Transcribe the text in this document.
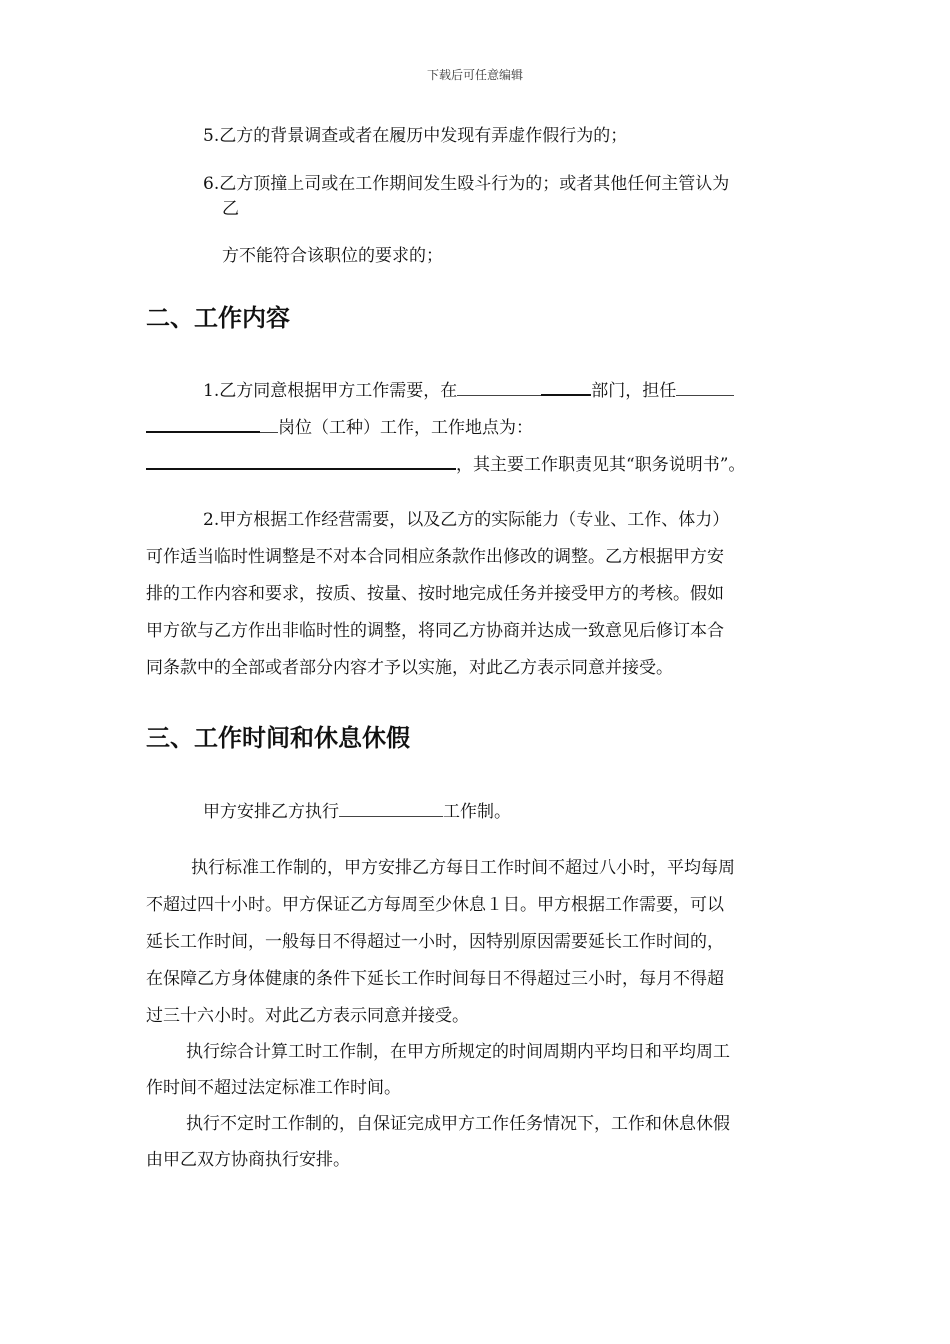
下载后可任意编辑
5.乙方的背景调查或者在履历中发现有弄虚作假行为的；
6.乙方顶撞上司或在工作期间发生殴斗行为的；或者其他任何主管认为
乙
方不能符合该职位的要求的；
二、工作内容
1.乙方同意根据甲方工作需要，在	部门，担任
岗位（工种）工作，工作地点为：
，其主要工作职责见其“职务说明书”。
2.甲方根据工作经营需要，以及乙方的实际能力（专业、工作、体力）
可作适当临时性调整是不对本合同相应条款作出修改的调整。乙方根据甲方安
排的工作内容和要求，按质、按量、按时地完成任务并接受甲方的考核。假如
甲方欲与乙方作出非临时性的调整，将同乙方协商并达成一致意见后修订本合
同条款中的全部或者部分内容才予以实施，对此乙方表示同意并接受。
三、工作时间和休息休假
甲方安排乙方执行	工作制。
执行标准工作制的，甲方安排乙方每日工作时间不超过八小时，平均每周
不超过四十小时。甲方保证乙方每周至少休息１日。甲方根据工作需要，可以
延长工作时间，一般每日不得超过一小时，因特别原因需要延长工作时间的，
在保障乙方身体健康的条件下延长工作时间每日不得超过三小时，每月不得超
过三十六小时。对此乙方表示同意并接受。
执行综合计算工时工作制，在甲方所规定的时间周期内平均日和平均周工
作时间不超过法定标准工作时间。
执行不定时工作制的，自保证完成甲方工作任务情况下，工作和休息休假
由甲乙双方协商执行安排。
